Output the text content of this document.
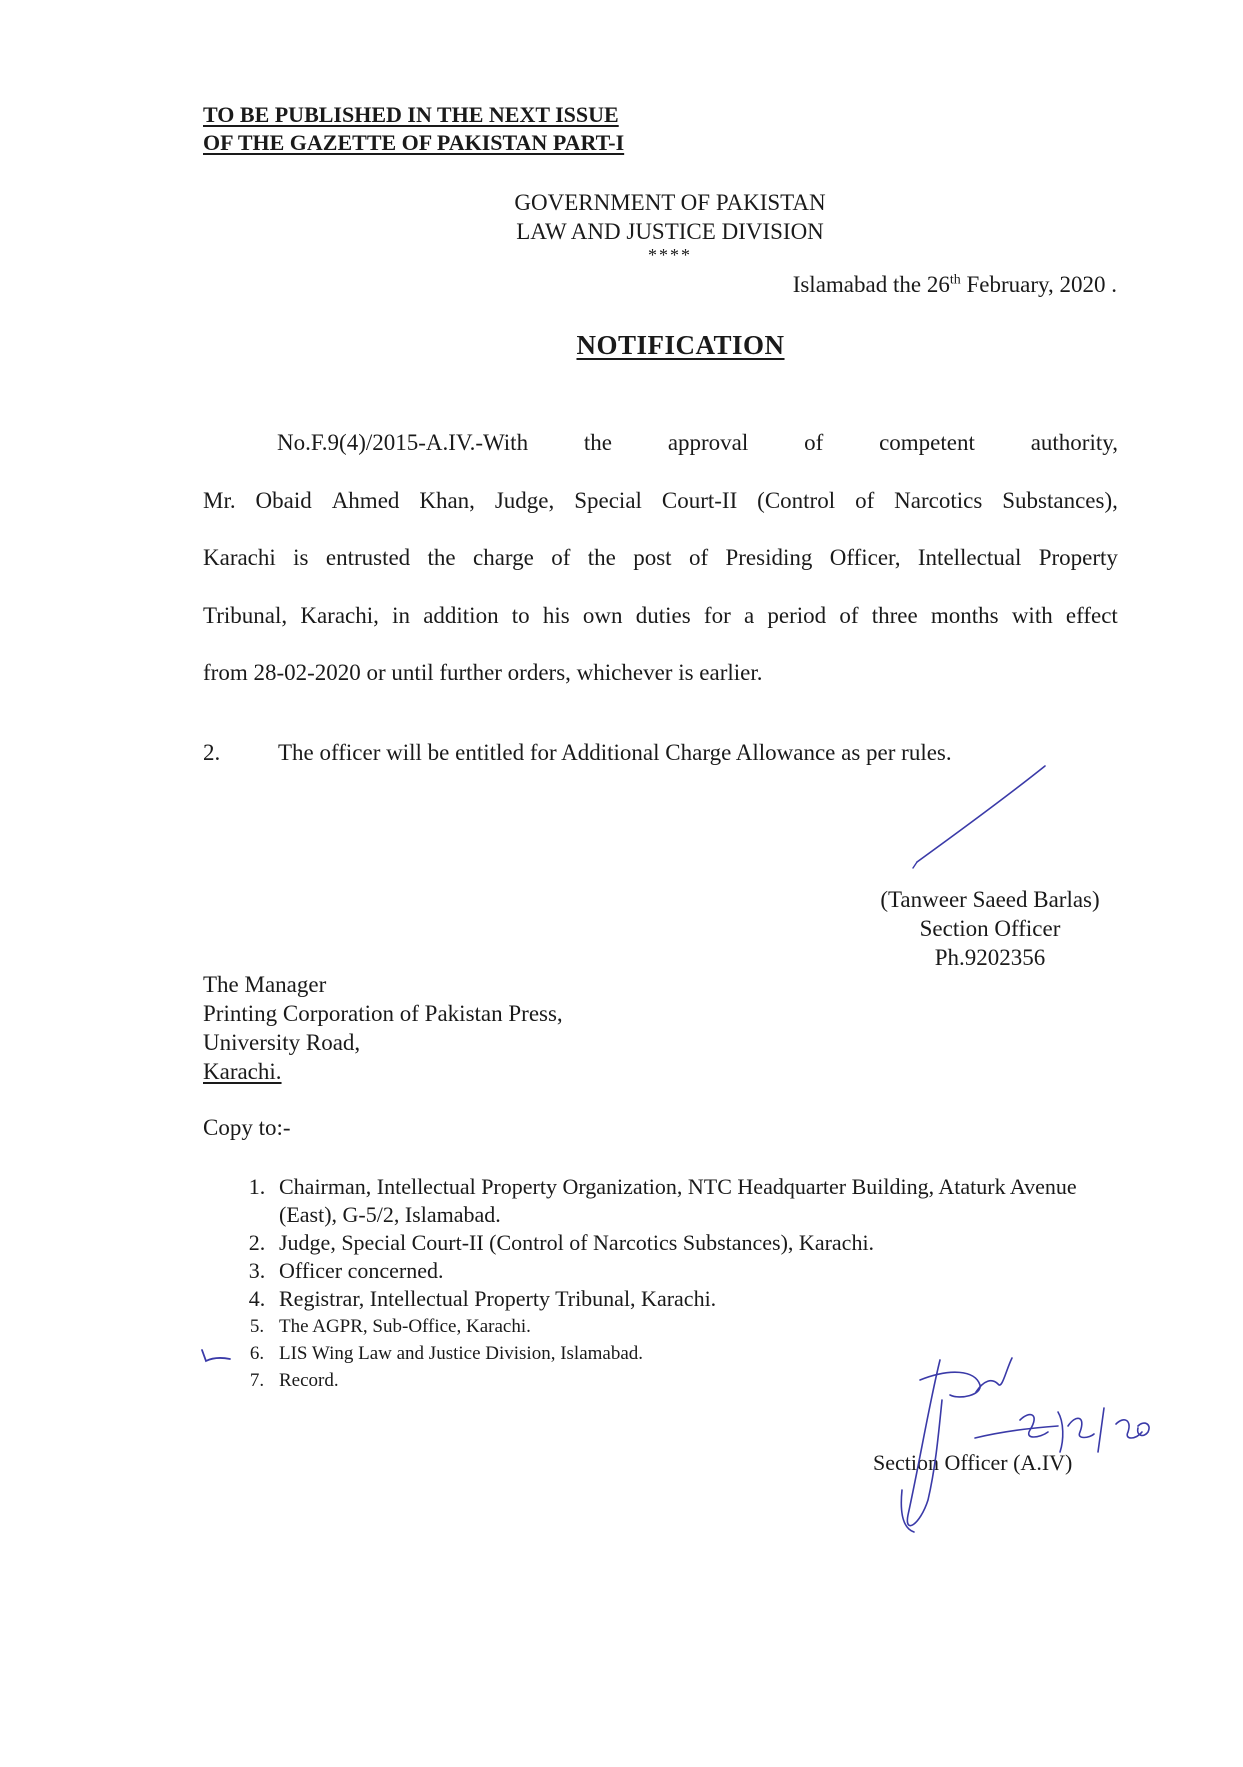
TO BE PUBLISHED IN THE NEXT ISSUE
OF THE GAZETTE OF PAKISTAN PART-I
GOVERNMENT OF PAKISTAN
LAW AND JUSTICE DIVISION
****
Islamabad the 26th February, 2020 .
NOTIFICATION
No.F.9(4)/2015-A.IV.-With the approval of competent authority,
Mr. Obaid Ahmed Khan, Judge, Special Court-II (Control of Narcotics Substances),
Karachi is entrusted the charge of the post of Presiding Officer, Intellectual Property
Tribunal, Karachi, in addition to his own duties for a period of three months with effect
from 28-02-2020 or until further orders, whichever is earlier.
2.	The officer will be entitled for Additional Charge Allowance as per rules.
(Tanweer Saeed Barlas)
Section Officer
Ph.9202356
The Manager
Printing Corporation of Pakistan Press,
University Road,
Karachi.
Copy to:-
1. Chairman, Intellectual Property Organization, NTC Headquarter Building, Ataturk Avenue (East), G-5/2, Islamabad.
2. Judge, Special Court-II (Control of Narcotics Substances), Karachi.
3. Officer concerned.
4. Registrar, Intellectual Property Tribunal, Karachi.
5. The AGPR, Sub-Office, Karachi.
6. LIS Wing Law and Justice Division, Islamabad.
7. Record.
Section Officer (A.IV)
